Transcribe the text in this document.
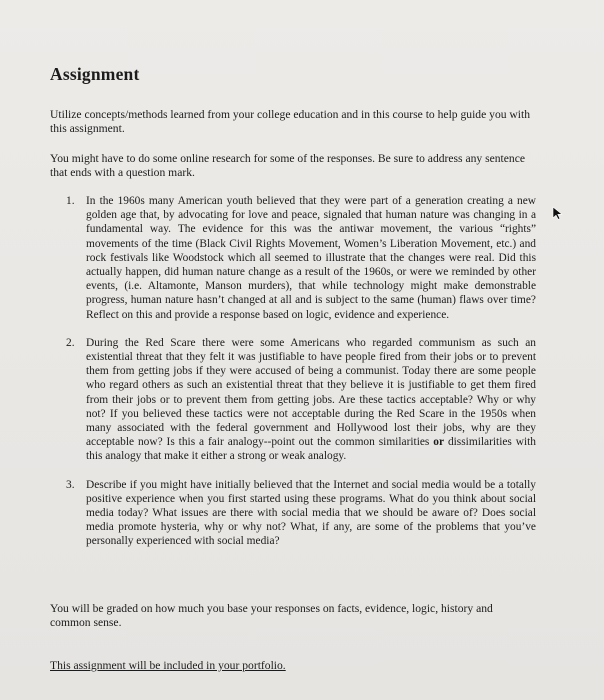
Assignment
Utilize concepts/methods learned from your college education and in this course to help guide you with this assignment.
You might have to do some online research for some of the responses. Be sure to address any sentence that ends with a question mark.
1.	In the 1960s many American youth believed that they were part of a generation creating a new golden age that, by advocating for love and peace, signaled that human nature was changing in a fundamental way. The evidence for this was the antiwar movement, the various “rights” movements of the time (Black Civil Rights Movement, Women’s Liberation Movement, etc.) and rock festivals like Woodstock which all seemed to illustrate that the changes were real. Did this actually happen, did human nature change as a result of the 1960s, or were we reminded by other events, (i.e. Altamonte, Manson murders), that while technology might make demonstrable progress, human nature hasn’t changed at all and is subject to the same (human) flaws over time? Reflect on this and provide a response based on logic, evidence and experience.
2.	During the Red Scare there were some Americans who regarded communism as such an existential threat that they felt it was justifiable to have people fired from their jobs or to prevent them from getting jobs if they were accused of being a communist. Today there are some people who regard others as such an existential threat that they believe it is justifiable to get them fired from their jobs or to prevent them from getting jobs. Are these tactics acceptable? Why or why not? If you believed these tactics were not acceptable during the Red Scare in the 1950s when many associated with the federal government and Hollywood lost their jobs, why are they acceptable now? Is this a fair analogy--point out the common similarities or dissimilarities with this analogy that make it either a strong or weak analogy.
3.	Describe if you might have initially believed that the Internet and social media would be a totally positive experience when you first started using these programs. What do you think about social media today? What issues are there with social media that we should be aware of? Does social media promote hysteria, why or why not? What, if any, are some of the problems that you’ve personally experienced with social media?
You will be graded on how much you base your responses on facts, evidence, logic, history and common sense.
This assignment will be included in your portfolio.
